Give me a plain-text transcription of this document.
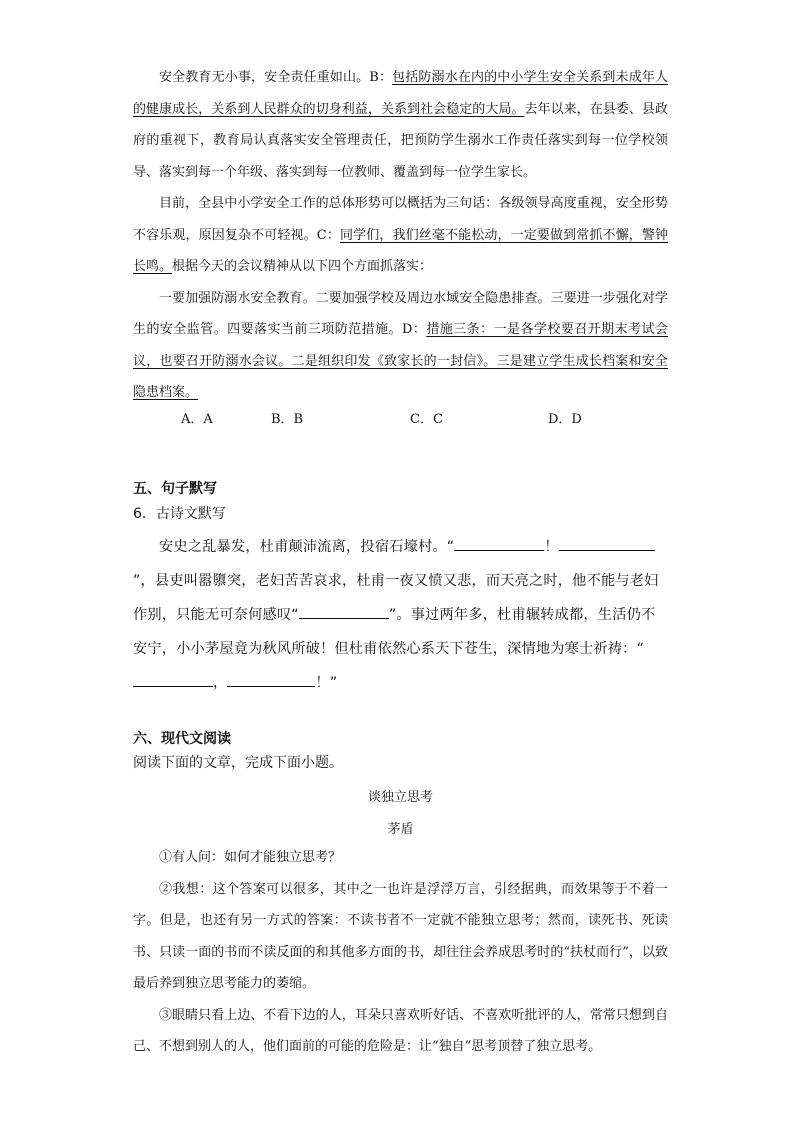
安全教育无小事，安全责任重如山。B：包括防溺水在内的中小学生安全关系到未成年人的健康成长，关系到人民群众的切身利益，关系到社会稳定的大局。去年以来，在县委、县政府的重视下，教育局认真落实安全管理责任，把预防学生溺水工作责任落实到每一位学校领导、落实到每一个年级、落实到每一位教师、覆盖到每一位学生家长。

目前，全县中小学安全工作的总体形势可以概括为三句话：各级领导高度重视，安全形势不容乐观，原因复杂不可轻视。C：同学们，我们丝毫不能松动，一定要做到常抓不懈，警钟长鸣。根据今天的会议精神从以下四个方面抓落实：

一要加强防溺水安全教育。二要加强学校及周边水域安全隐患排查。三要进一步强化对学生的安全监管。四要落实当前三项防范措施。D：措施三条：一是各学校要召开期末考试会议，也要召开防溺水会议。二是组织印发《致家长的一封信》。三是建立学生成长档案和安全隐患档案。

A．A	B．B	C．C	D．D
五、句子默写
6．古诗文默写
安史之乱暴发，杜甫颠沛流离，投宿石壕村。“	！”，县吏叫嚣隳突，老妇苦苦哀求，杜甫一夜又愤又悲，而天亮之时，他不能与老妇作别，只能无可奈何感叹“	”。事过两年多，杜甫辗转成都，生活仍不安宁，小小茅屋竟为秋风所破！但杜甫依然心系天下苍生，深情地为寒士祈祷：“，	！”
六、现代文阅读
阅读下面的文章，完成下面小题。
谈独立思考
茅盾

①有人问：如何才能独立思考？

②我想：这个答案可以很多，其中之一也许是浮浮万言，引经据典，而效果等于不着一字。但是，也还有另一方式的答案：不读书者不一定就不能独立思考；然而，读死书、死读书、只读一面的书而不读反面的和其他多方面的书，却往往会养成思考时的“扶杖而行”，以致最后养到独立思考能力的萎缩。

③眼睛只看上边、不看下边的人，耳朵只喜欢听好话、不喜欢听批评的人，常常只想到自己、不想到别人的人，他们面前的可能的危险是：让“独自”思考顶替了独立思考。
